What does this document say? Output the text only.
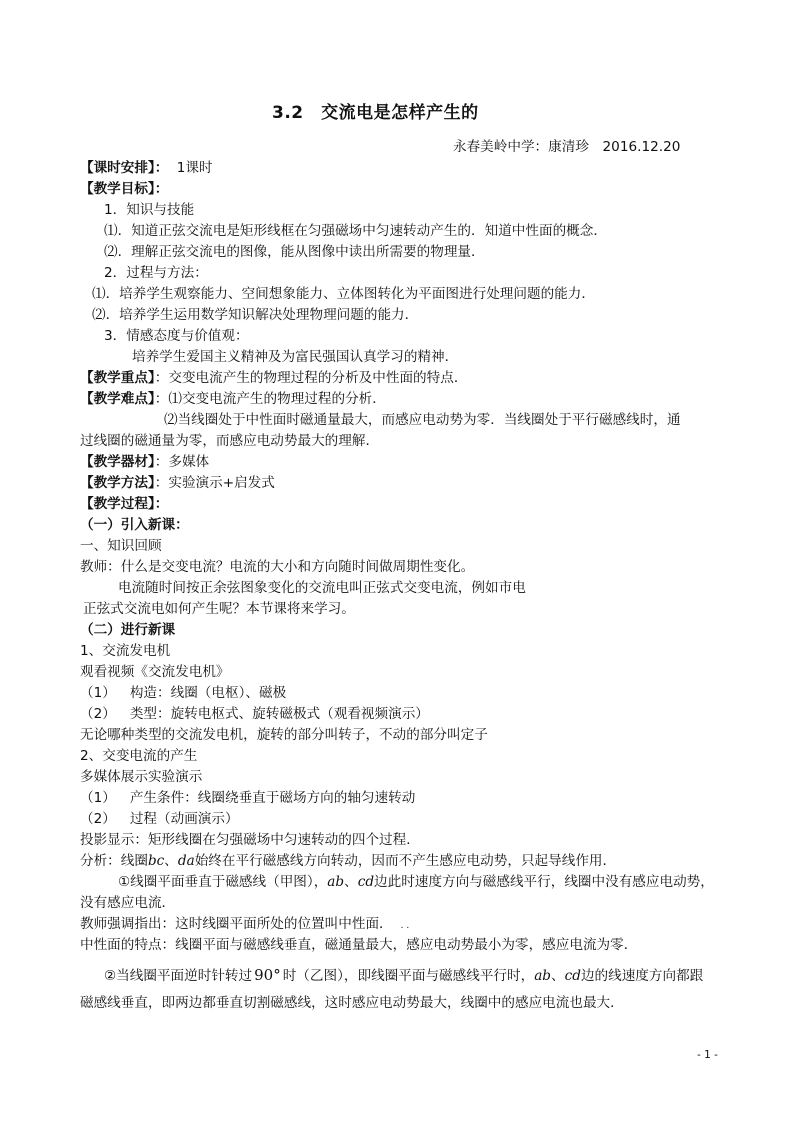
3.2　交流电是怎样产生的
永春美岭中学：康清珍　2016.12.20
【课时安排】： 1课时
【教学目标】：
1．知识与技能
⑴．知道正弦交流电是矩形线框在匀强磁场中匀速转动产生的．知道中性面的概念．
⑵．理解正弦交流电的图像，能从图像中读出所需要的物理量．
2．过程与方法：
⑴．培养学生观察能力、空间想象能力、立体图转化为平面图进行处理问题的能力．
⑵．培养学生运用数学知识解决处理物理问题的能力．
3．情感态度与价值观：
培养学生爱国主义精神及为富民强国认真学习的精神．
【教学重点】：交变电流产生的物理过程的分析及中性面的特点．
【教学难点】：⑴交变电流产生的物理过程的分析．
⑵当线圈处于中性面时磁通量最大，而感应电动势为零．当线圈处于平行磁感线时，通
过线圈的磁通量为零，而感应电动势最大的理解．
【教学器材】：多媒体
【教学方法】：实验演示+启发式
【教学过程】：
（一）引入新课：
一、知识回顾
教师：什么是交变电流？电流的大小和方向随时间做周期性变化。
电流随时间按正余弦图象变化的交流电叫正弦式交变电流，例如市电
正弦式交流电如何产生呢？本节课将来学习。
（二）进行新课
1、交流发电机
观看视频《交流发电机》
（1） 构造：线圈（电枢）、磁极
（2） 类型：旋转电枢式、旋转磁极式（观看视频演示）
无论哪种类型的交流发电机，旋转的部分叫转子，不动的部分叫定子
2、交变电流的产生
多媒体展示实验演示
（1） 产生条件：线圈绕垂直于磁场方向的轴匀速转动
（2） 过程（动画演示）
投影显示：矩形线圈在匀强磁场中匀速转动的四个过程．
分析：线圈bc、da始终在平行磁感线方向转动，因而不产生感应电动势，只起导线作用．
①线圈平面垂直于磁感线（甲图），ab、cd边此时速度方向与磁感线平行，线圈中没有感应电动势，
没有感应电流．
教师强调指出：这时线圈平面所处的位置叫中性面． . .
中性面的特点：线圈平面与磁感线垂直，磁通量最大，感应电动势最小为零，感应电流为零．
②当线圈平面逆时针转过 90° 时（乙图），即线圈平面与磁感线平行时，ab、cd边的线速度方向都跟
磁感线垂直，即两边都垂直切割磁感线，这时感应电动势最大，线圈中的感应电流也最大．
- 1 -
